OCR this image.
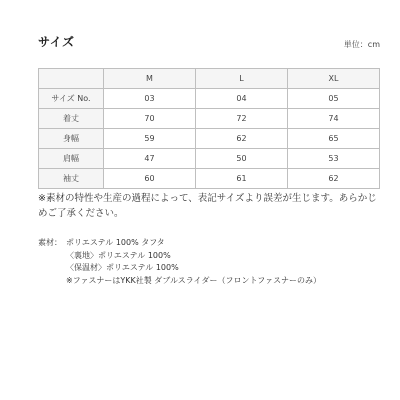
サイズ	単位：cm
	M	L	XL
サイズ No.	03	04	05
着丈	70	72	74
身幅	59	62	65
肩幅	47	50	53
袖丈	60	61	62
※素材の特性や生産の過程によって、表記サイズより誤差が生じます。あらかじめご了承ください。
素材： ポリエステル 100% タフタ
〈裏地〉ポリエステル 100%
〈保温材〉ポリエステル 100%
※ファスナーはYKK社製 ダブルスライダー（フロントファスナーのみ）
